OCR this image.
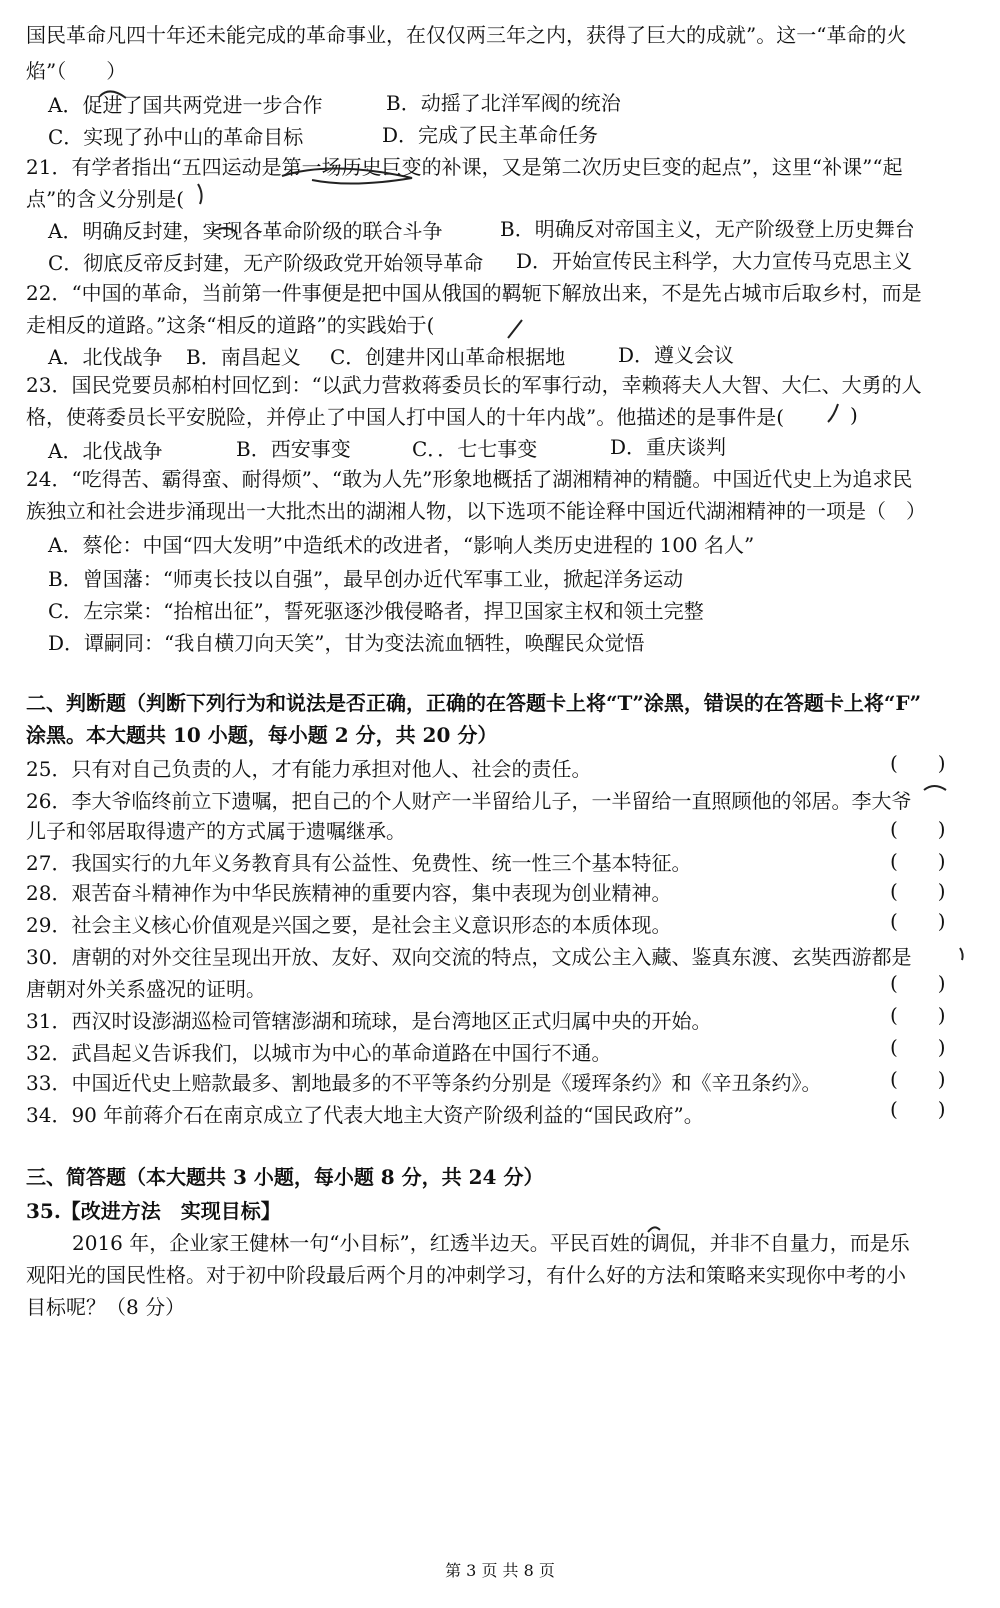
国民革命凡四十年还未能完成的革命事业，在仅仅两三年之内，获得了巨大的成就”。这一“革命的火
焰”（　　）
A．促进了国共两党进一步合作	B．动摇了北洋军阀的统治
C．实现了孙中山的革命目标	D．完成了民主革命任务
21．有学者指出“五四运动是第一场历史巨变的补课，又是第二次历史巨变的起点”，这里“补课”“起
点”的含义分别是(
A．明确反封建，实现各革命阶级的联合斗争	B．明确反对帝国主义，无产阶级登上历史舞台
C．彻底反帝反封建，无产阶级政党开始领导革命 D．开始宣传民主科学，大力宣传马克思主义
22．“中国的革命，当前第一件事便是把中国从俄国的羁轭下解放出来，不是先占城市后取乡村，而是
走相反的道路。”这条“相反的道路”的实践始于(
A．北伐战争 B．南昌起义 C．创建井冈山革命根据地	D．遵义会议
23．国民党要员郝柏村回忆到：“以武力营救蒋委员长的军事行动，幸赖蒋夫人大智、大仁、大勇的人
格，使蒋委员长平安脱险，并停止了中国人打中国人的十年内战”。他描述的是事件是(	)
A．北伐战争	B．西安事变	C．．七七事变	D．重庆谈判
24．“吃得苦、霸得蛮、耐得烦”、“敢为人先”形象地概括了湖湘精神的精髓。中国近代史上为追求民
族独立和社会进步涌现出一大批杰出的湖湘人物，以下选项不能诠释中国近代湖湘精神的一项是（　）
A．蔡伦：中国“四大发明”中造纸术的改进者，“影响人类历史进程的 100 名人”
B．曾国藩：“师夷长技以自强”，最早创办近代军事工业，掀起洋务运动
C．左宗棠：“抬棺出征”，誓死驱逐沙俄侵略者，捍卫国家主权和领土完整
D．谭嗣同：“我自横刀向天笑”，甘为变法流血牺牲，唤醒民众觉悟
二、判断题（判断下列行为和说法是否正确，正确的在答题卡上将“T”涂黑，错误的在答题卡上将“F”
涂黑。本大题共 10 小题，每小题 2 分，共 20 分）
25．只有对自己负责的人，才有能力承担对他人、社会的责任。	(　　)
26．李大爷临终前立下遗嘱，把自己的个人财产一半留给儿子，一半留给一直照顾他的邻居。李大爷
儿子和邻居取得遗产的方式属于遗嘱继承。	(　　)
27．我国实行的九年义务教育具有公益性、免费性、统一性三个基本特征。	(　　)
28．艰苦奋斗精神作为中华民族精神的重要内容，集中表现为创业精神。	(　　)
29．社会主义核心价值观是兴国之要，是社会主义意识形态的本质体现。	(　　)
30．唐朝的对外交往呈现出开放、友好、双向交流的特点，文成公主入藏、鉴真东渡、玄奘西游都是
唐朝对外关系盛况的证明。	(　　)
31．西汉时设澎湖巡检司管辖澎湖和琉球，是台湾地区正式归属中央的开始。	(　　)
32．武昌起义告诉我们，以城市为中心的革命道路在中国行不通。	(　　)
33．中国近代史上赔款最多、割地最多的不平等条约分别是《瑷珲条约》和《辛丑条约》。	(　　)
34．90 年前蒋介石在南京成立了代表大地主大资产阶级利益的“国民政府”。	(　　)
三、简答题（本大题共 3 小题，每小题 8 分，共 24 分）
35.【改进方法　实现目标】
2016 年，企业家王健林一句“小目标”，红透半边天。平民百姓的调侃，并非不自量力，而是乐
观阳光的国民性格。对于初中阶段最后两个月的冲刺学习，有什么好的方法和策略来实现你中考的小
目标呢？（8 分）
第 3 页 共 8 页
